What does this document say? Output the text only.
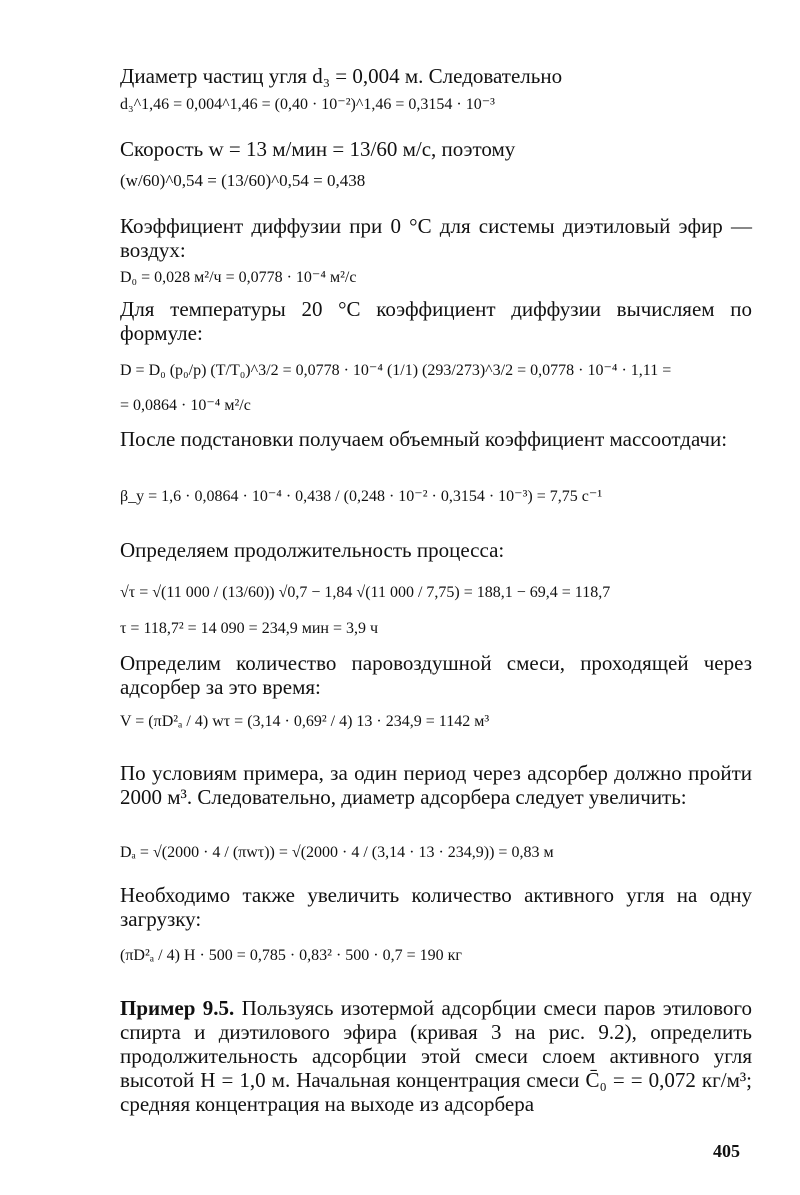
Диаметр частиц угля d₃ = 0,004 м. Следовательно
d₃^1,46 = 0,004^1,46 = (0,40 · 10⁻²)^1,46 = 0,3154 · 10⁻³
Скорость w = 13 м/мин = 13/60 м/с, поэтому
(w/60)^0,54 = (13/60)^0,54 = 0,438
Коэффициент диффузии при 0 °C для системы диэтиловый эфир — воздух:
D₀ = 0,028 м²/ч = 0,0778 · 10⁻⁴ м²/с
Для температуры 20 °C коэффициент диффузии вычисляем по формуле:
D = D₀ (p₀/p) (T/T₀)^3/2 = 0,0778 · 10⁻⁴ (1/1) (293/273)^3/2 = 0,0778 · 10⁻⁴ · 1,11 =
= 0,0864 · 10⁻⁴ м²/с
После подстановки получаем объемный коэффициент массоотдачи:
β_y = 1,6 · 0,0864 · 10⁻⁴ · 0,438 / (0,248 · 10⁻² · 0,3154 · 10⁻³) = 7,75 с⁻¹
Определяем продолжительность процесса:
√τ = √(11 000 / (13/60)) √0,7 − 1,84 √(11 000 / 7,75) = 188,1 − 69,4 = 118,7
τ = 118,7² = 14 090 = 234,9 мин = 3,9 ч
Определим количество паровоздушной смеси, проходящей через адсорбер за это время:
V = (πD²ₐ / 4) wτ = (3,14 · 0,69² / 4) 13 · 234,9 = 1142 м³
По условиям примера, за один период через адсорбер должно пройти 2000 м³. Следовательно, диаметр адсорбера следует увеличить:
Dₐ = √(2000 · 4 / (πwτ)) = √(2000 · 4 / (3,14 · 13 · 234,9)) = 0,83 м
Необходимо также увеличить количество активного угля на одну загрузку:
(πD²ₐ / 4) H · 500 = 0,785 · 0,83² · 500 · 0,7 = 190 кг
Пример 9.5. Пользуясь изотермой адсорбции смеси паров этилового спирта и диэтилового эфира (кривая 3 на рис. 9.2), определить продолжительность адсорбции этой смеси слоем активного угля высотой H = 1,0 м. Начальная концентрация смеси C̄₀ = = 0,072 кг/м³; средняя концентрация на выходе из адсорбера
405
